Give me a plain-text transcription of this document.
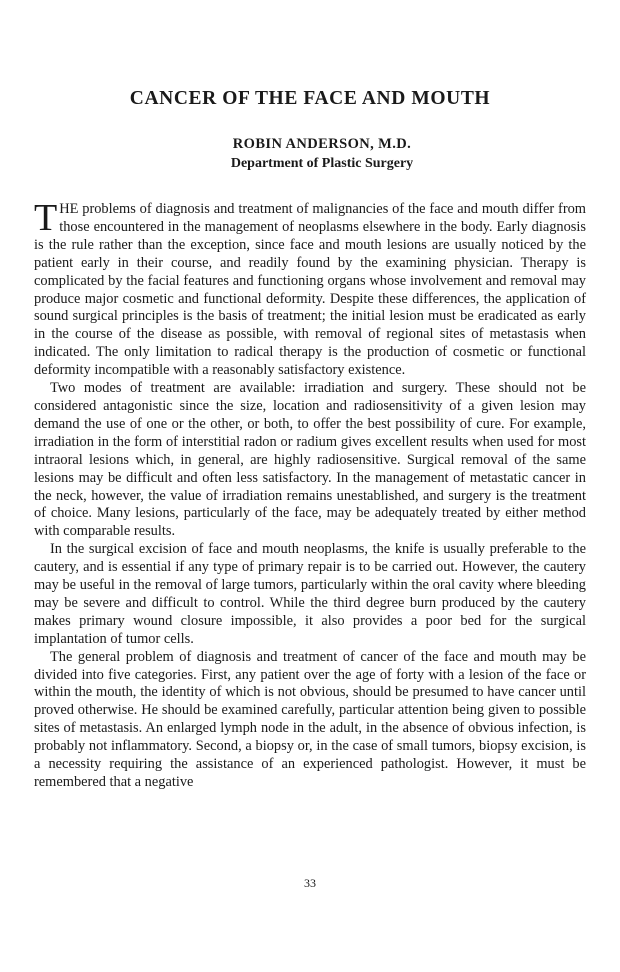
CANCER OF THE FACE AND MOUTH
ROBIN ANDERSON, M.D.
Department of Plastic Surgery

THE problems of diagnosis and treatment of malignancies of the face and mouth differ from those encountered in the management of neoplasms elsewhere in the body. Early diagnosis is the rule rather than the exception, since face and mouth lesions are usually noticed by the patient early in their course, and readily found by the examining physician. Therapy is complicated by the facial features and functioning organs whose involvement and removal may produce major cosmetic and functional deformity. Despite these differences, the application of sound surgical principles is the basis of treatment; the initial lesion must be eradicated as early in the course of the disease as possible, with removal of regional sites of metastasis when indicated. The only limitation to radical therapy is the production of cosmetic or functional deformity incompatible with a reasonably satisfactory existence.

Two modes of treatment are available: irradiation and surgery. These should not be considered antagonistic since the size, location and radiosensitivity of a given lesion may demand the use of one or the other, or both, to offer the best possibility of cure. For example, irradiation in the form of interstitial radon or radium gives excellent results when used for most intraoral lesions which, in general, are highly radiosensitive. Surgical removal of the same lesions may be difficult and often less satisfactory. In the management of metastatic cancer in the neck, however, the value of irradiation remains unestablished, and surgery is the treatment of choice. Many lesions, particularly of the face, may be adequately treated by either method with comparable results.

In the surgical excision of face and mouth neoplasms, the knife is usually preferable to the cautery, and is essential if any type of primary repair is to be carried out. However, the cautery may be useful in the removal of large tumors, particularly within the oral cavity where bleeding may be severe and difficult to control. While the third degree burn produced by the cautery makes primary wound closure impossible, it also provides a poor bed for the surgical implantation of tumor cells.

The general problem of diagnosis and treatment of cancer of the face and mouth may be divided into five categories. First, any patient over the age of forty with a lesion of the face or within the mouth, the identity of which is not obvious, should be presumed to have cancer until proved otherwise. He should be examined carefully, particular attention being given to possible sites of metastasis. An enlarged lymph node in the adult, in the absence of obvious infection, is probably not inflammatory. Second, a biopsy or, in the case of small tumors, biopsy excision, is a necessity requiring the assistance of an experienced pathologist. However, it must be remembered that a negative

33
